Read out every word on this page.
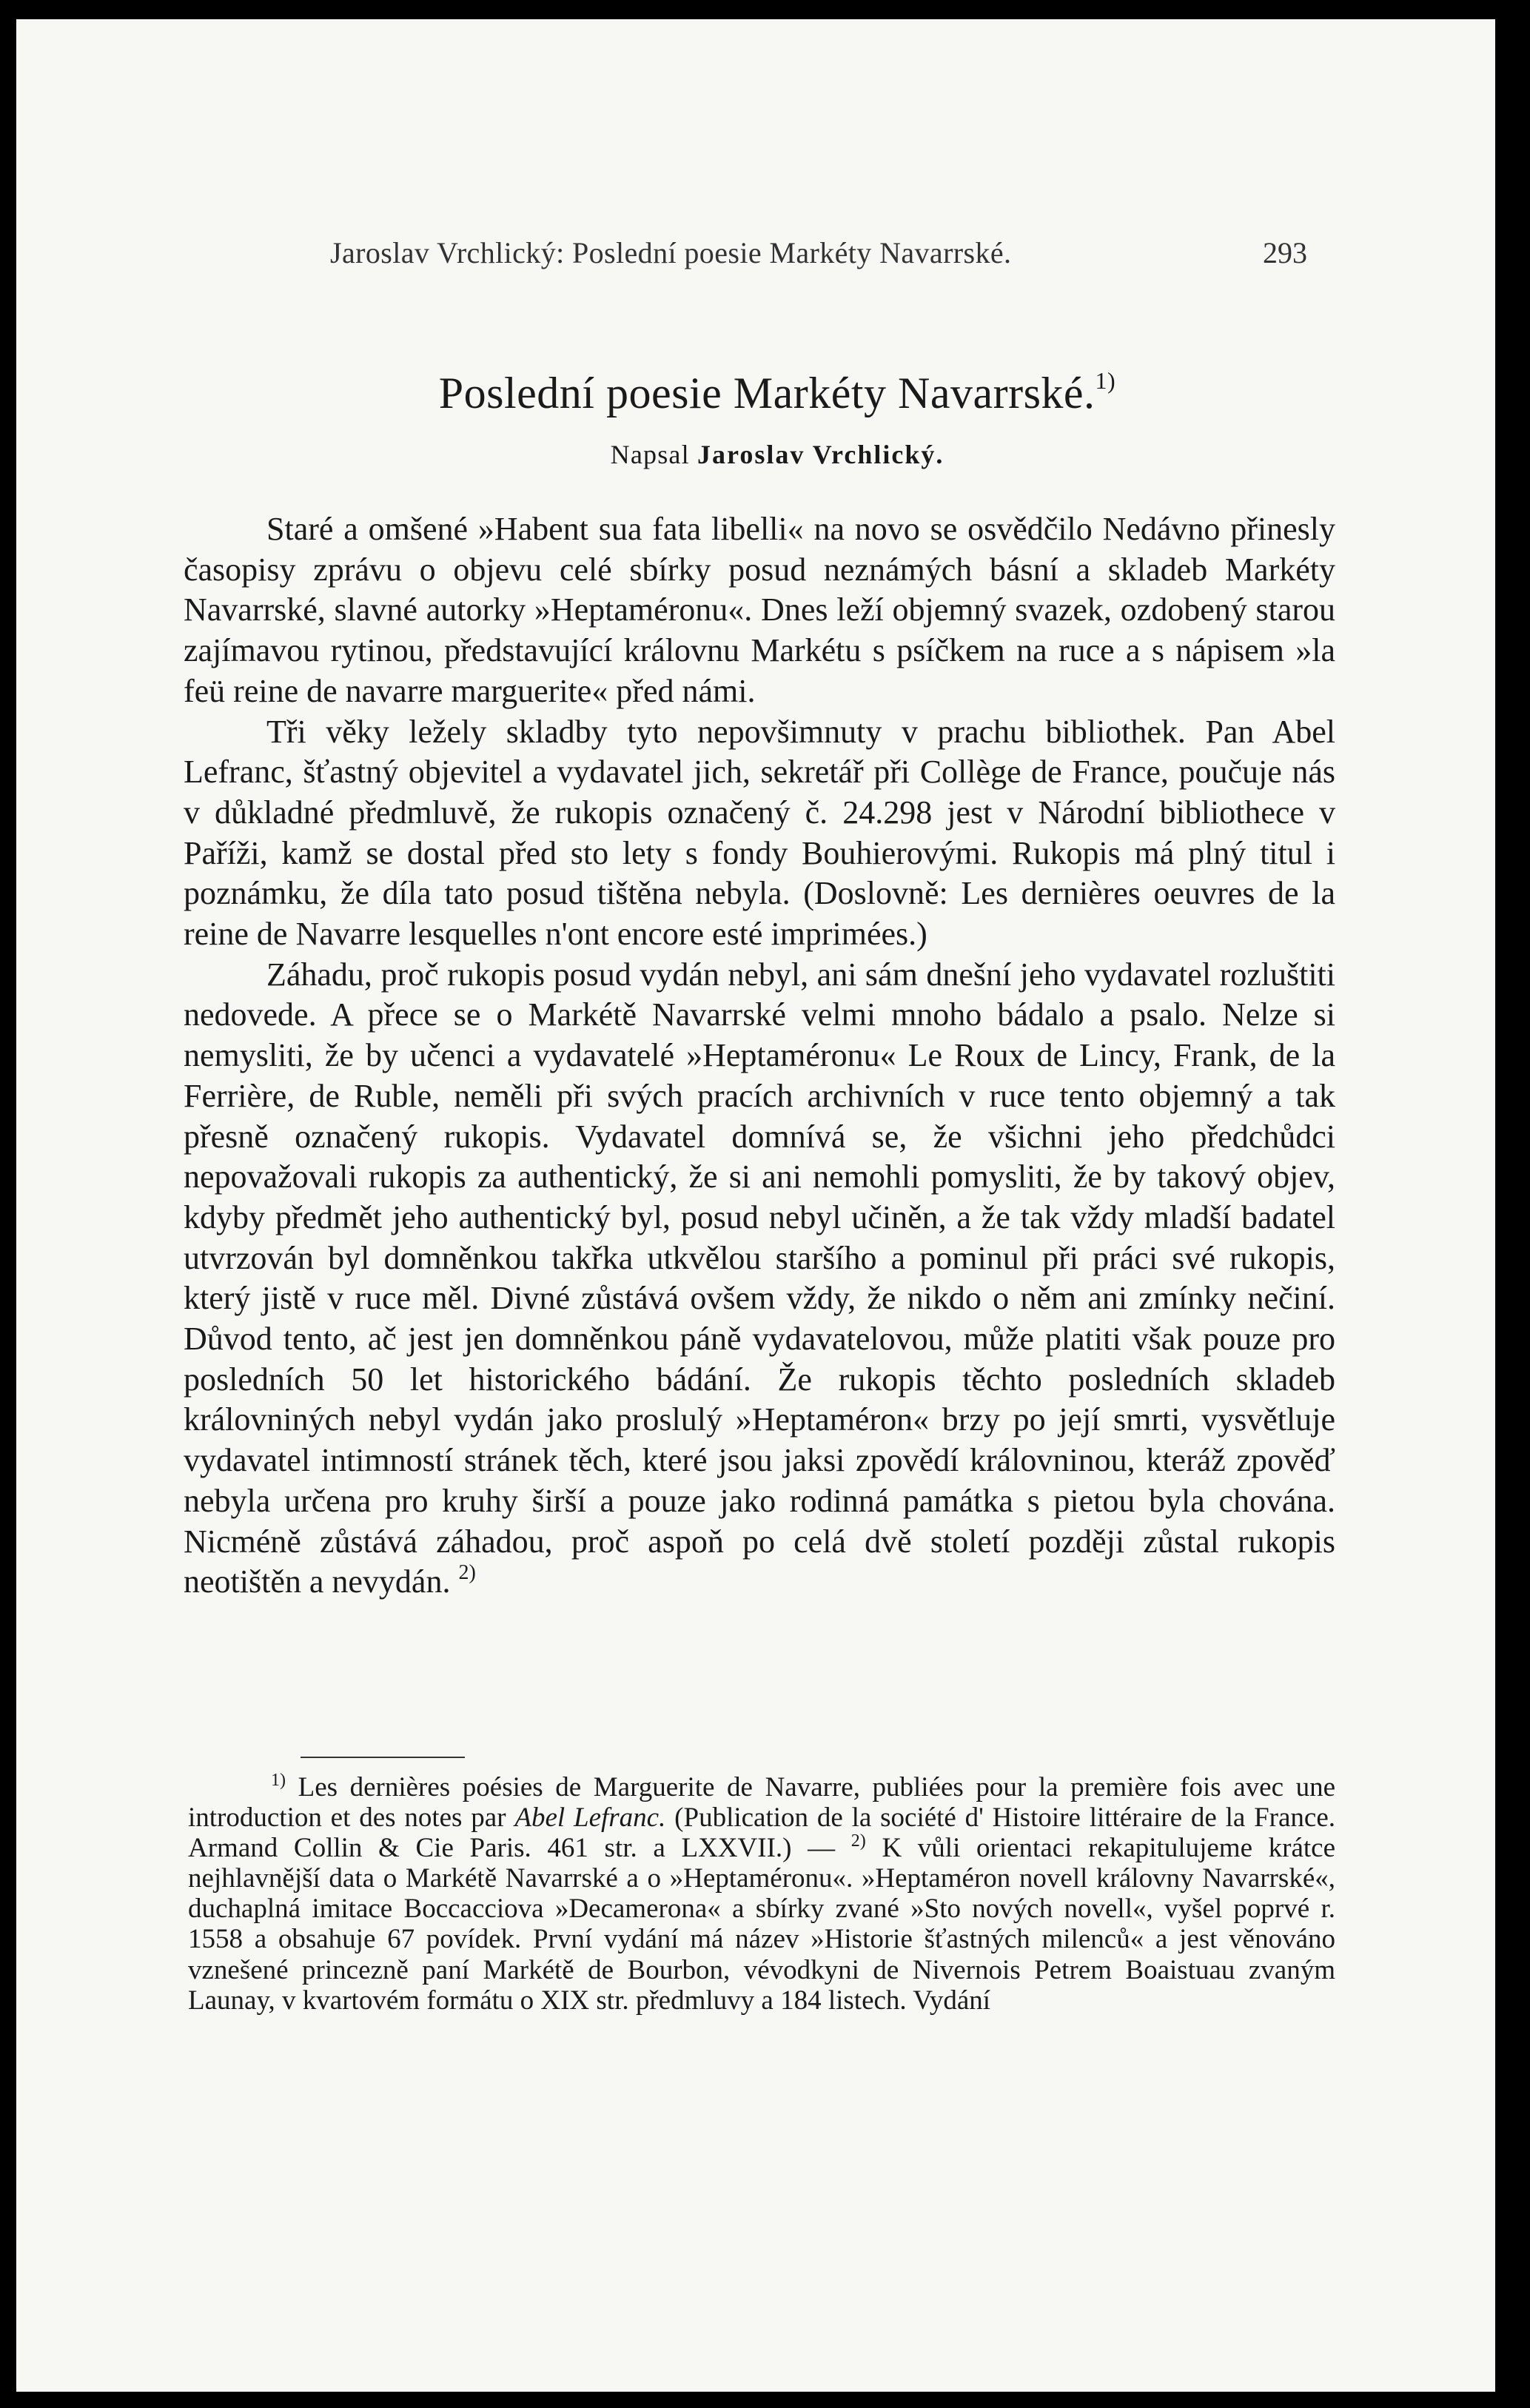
Jaroslav Vrchlický: Poslední poesie Markéty Navarrské.	293
Poslední poesie Markéty Navarrské.$^{1)}$
Napsal Jaroslav Vrchlický.

Staré a omšené »Habent sua fata libelli« na novo se osvědčilo Nedávno přinesly časopisy zprávu o objevu celé sbírky posud neznámých básní a skladeb Markéty Navarrské, slavné autorky »Heptaméronu«. Dnes leží objemný svazek, ozdobený starou zajímavou rytinou, představující královnu Markétu s psíčkem na ruce a s nápisem »la feü reine de navarre marguerite« před námi.

Tři věky ležely skladby tyto nepovšimnuty v prachu bibliothek. Pan Abel Lefranc, šťastný objevitel a vydavatel jich, sekretář při Collège de France, poučuje nás v důkladné předmluvě, že rukopis označený č. 24.298 jest v Národní bibliothece v Paříži, kamž se dostal před sto lety s fondy Bouhierovými. Rukopis má plný titul i poznámku, že díla tato posud tištěna nebyla. (Doslovně: Les dernières oeuvres de la reine de Navarre lesquelles n'ont encore esté imprimées.)

Záhadu, proč rukopis posud vydán nebyl, ani sám dnešní jeho vydavatel rozluštiti nedovede. A přece se o Markétě Navarrské velmi mnoho bádalo a psalo. Nelze si nemysliti, že by učenci a vydavatelé »Heptaméronu« Le Roux de Lincy, Frank, de la Ferrière, de Ruble, neměli při svých pracích archivních v ruce tento objemný a tak přesně označený rukopis. Vydavatel domnívá se, že všichni jeho předchůdci nepovažovali rukopis za authentický, že si ani nemohli pomysliti, že by takový objev, kdyby předmět jeho authentický byl, posud nebyl učiněn, a že tak vždy mladší badatel utvrzován byl domněnkou takřka utkvělou staršího a pominul při práci své rukopis, který jistě v ruce měl. Divné zůstává ovšem vždy, že nikdo o něm ani zmínky nečiní. Důvod tento, ač jest jen domněnkou páně vydavatelovou, může platiti však pouze pro posledních 50 let historického bádání. Že rukopis těchto posledních skladeb královniných nebyl vydán jako proslulý »Heptaméron« brzy po její smrti, vysvětluje vydavatel intimností stránek těch, které jsou jaksi zpovědí královninou, kteráž zpověď nebyla určena pro kruhy širší a pouze jako rodinná památka s pietou byla chována. Nicméně zůstává záhadou, proč aspoň po celá dvě století později zůstal rukopis neotištěn a nevydán. $^{2)}$

$^{1)}$ Les dernières poésies de Marguerite de Navarre, publiées pour la première fois avec une introduction et des notes par Abel Lefranc. (Publication de la société d' Histoire littéraire de la France. Armand Collin & Cie Paris. 461 str. a LXXVII.) — $^{2)}$ K vůli orientaci rekapitulujeme krátce nejhlavnější data o Markétě Navarrské a o »Heptaméronu«. »Heptaméron novell královny Navarrské«, duchaplná imitace Boccacciova »Decamerona« a sbírky zvané »Sto nových novell«, vyšel poprvé r. 1558 a obsahuje 67 povídek. První vydání má název »Historie šťastných milenců« a jest věnováno vznešené princezně paní Markétě de Bourbon, vévodkyni de Nivernois Petrem Boaistuau zvaným Launay, v kvartovém formátu o XIX str. předmluvy a 184 listech. Vydání
